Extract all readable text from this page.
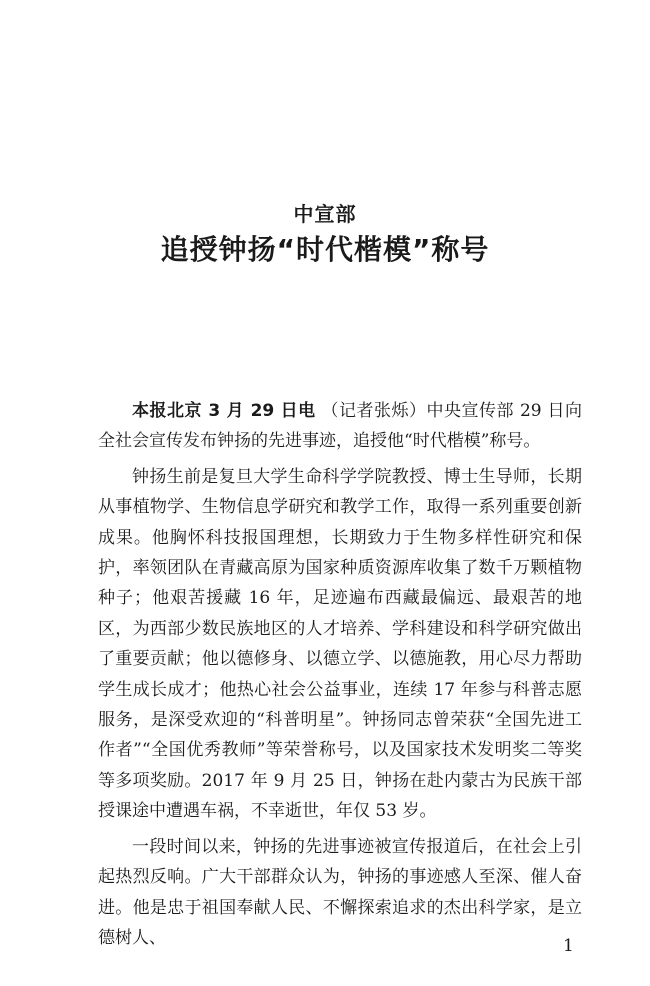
中宣部
追授钟扬“时代楷模”称号

本报北京 3 月 29 日电 （记者张烁）中央宣传部 29 日向全社会宣传发布钟扬的先进事迹，追授他“时代楷模”称号。

钟扬生前是复旦大学生命科学学院教授、博士生导师，长期从事植物学、生物信息学研究和教学工作，取得一系列重要创新成果。他胸怀科技报国理想，长期致力于生物多样性研究和保护，率领团队在青藏高原为国家种质资源库收集了数千万颗植物种子；他艰苦援藏 16 年，足迹遍布西藏最偏远、最艰苦的地区，为西部少数民族地区的人才培养、学科建设和科学研究做出了重要贡献；他以德修身、以德立学、以德施教，用心尽力帮助学生成长成才；他热心社会公益事业，连续 17 年参与科普志愿服务，是深受欢迎的“科普明星”。钟扬同志曾荣获“全国先进工作者”“全国优秀教师”等荣誉称号，以及国家技术发明奖二等奖等多项奖励。2017 年 9 月 25 日，钟扬在赴内蒙古为民族干部授课途中遭遇车祸，不幸逝世，年仅 53 岁。

一段时间以来，钟扬的先进事迹被宣传报道后，在社会上引起热烈反响。广大干部群众认为，钟扬的事迹感人至深、催人奋进。他是忠于祖国奉献人民、不懈探索追求的杰出科学家，是立德树人、	1
